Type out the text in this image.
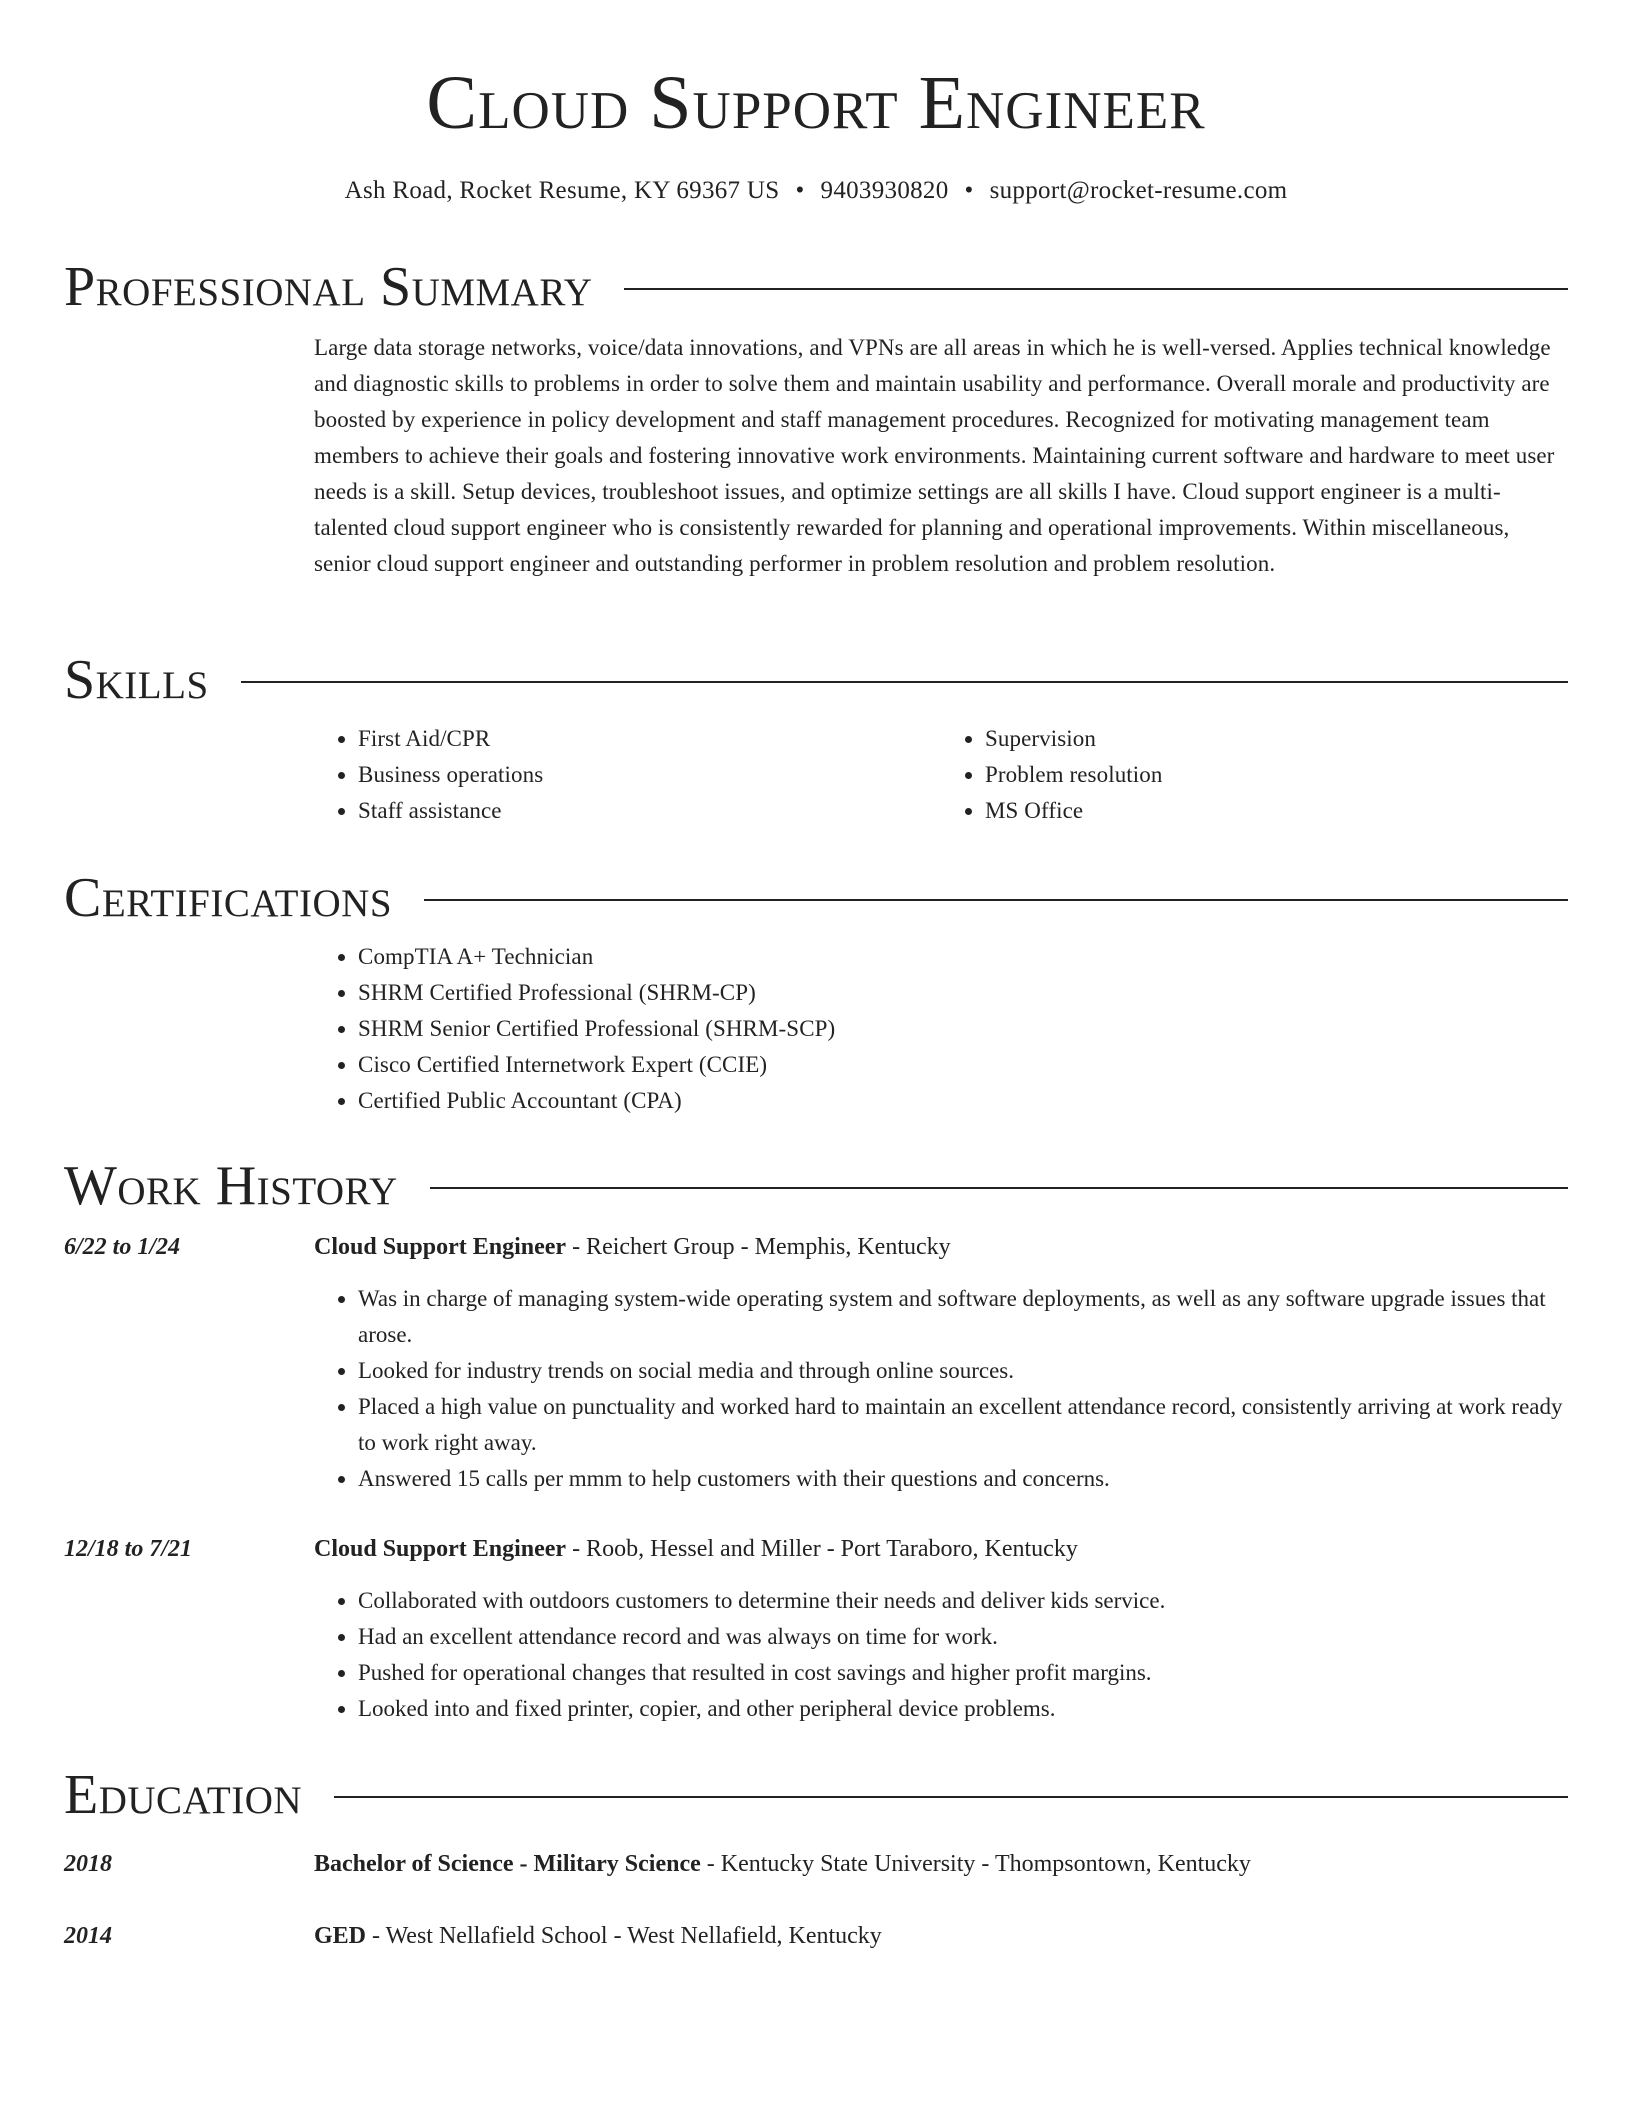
Cloud Support Engineer
Ash Road, Rocket Resume, KY 69367 US • 9403930820 • support@rocket-resume.com
Professional Summary
Large data storage networks, voice/data innovations, and VPNs are all areas in which he is well-versed. Applies technical knowledge and diagnostic skills to problems in order to solve them and maintain usability and performance. Overall morale and productivity are boosted by experience in policy development and staff management procedures. Recognized for motivating management team members to achieve their goals and fostering innovative work environments. Maintaining current software and hardware to meet user needs is a skill. Setup devices, troubleshoot issues, and optimize settings are all skills I have. Cloud support engineer is a multi-talented cloud support engineer who is consistently rewarded for planning and operational improvements. Within miscellaneous, senior cloud support engineer and outstanding performer in problem resolution and problem resolution.
Skills
• First Aid/CPR
• Business operations
• Staff assistance
• Supervision
• Problem resolution
• MS Office
Certifications
• CompTIA A+ Technician
• SHRM Certified Professional (SHRM-CP)
• SHRM Senior Certified Professional (SHRM-SCP)
• Cisco Certified Internetwork Expert (CCIE)
• Certified Public Accountant (CPA)
Work History
6/22 to 1/24	Cloud Support Engineer - Reichert Group - Memphis, Kentucky
• Was in charge of managing system-wide operating system and software deployments, as well as any software upgrade issues that arose.
• Looked for industry trends on social media and through online sources.
• Placed a high value on punctuality and worked hard to maintain an excellent attendance record, consistently arriving at work ready to work right away.
• Answered 15 calls per mmm to help customers with their questions and concerns.
12/18 to 7/21	Cloud Support Engineer - Roob, Hessel and Miller - Port Taraboro, Kentucky
• Collaborated with outdoors customers to determine their needs and deliver kids service.
• Had an excellent attendance record and was always on time for work.
• Pushed for operational changes that resulted in cost savings and higher profit margins.
• Looked into and fixed printer, copier, and other peripheral device problems.
Education
2018	Bachelor of Science - Military Science - Kentucky State University - Thompsontown, Kentucky
2014	GED - West Nellafield School - West Nellafield, Kentucky
